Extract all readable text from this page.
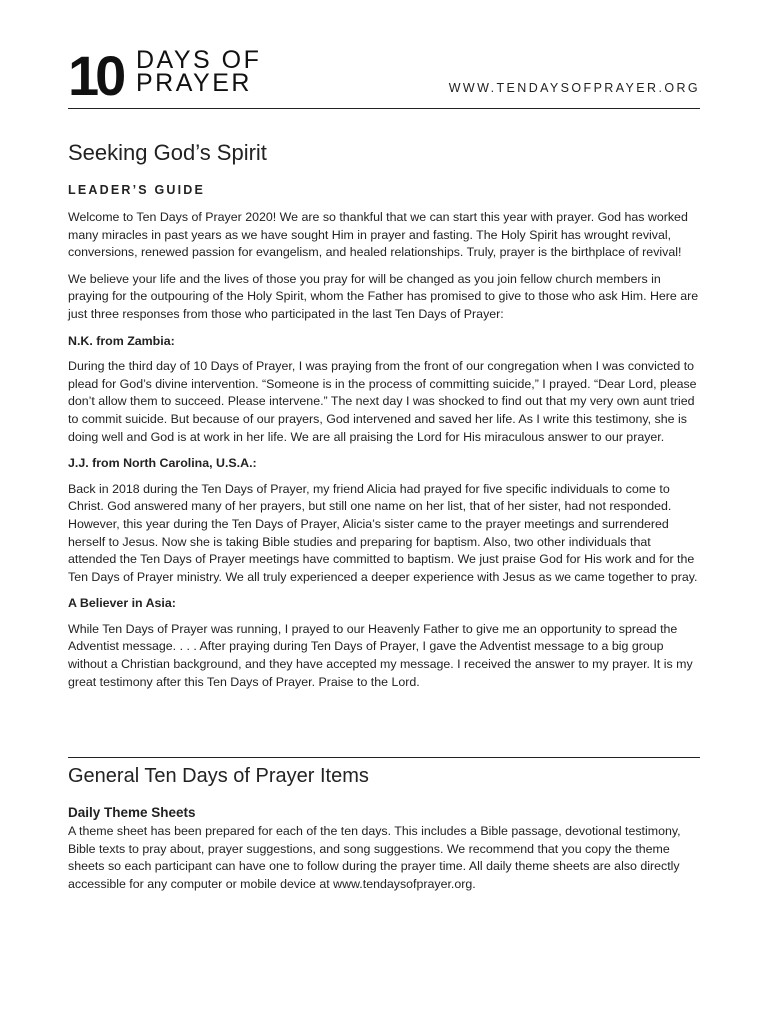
10 DAYS OF
PRAYER	WWW.TENDAYSOFPRAYER.ORG
Seeking God’s Spirit
LEADER’S GUIDE

Welcome to Ten Days of Prayer 2020! We are so thankful that we can start this year with prayer. God has worked many miracles in past years as we have sought Him in prayer and fasting. The Holy Spirit has wrought revival, conversions, renewed passion for evangelism, and healed relationships. Truly, prayer is the birthplace of revival!

We believe your life and the lives of those you pray for will be changed as you join fellow church members in praying for the outpouring of the Holy Spirit, whom the Father has promised to give to those who ask Him. Here are just three responses from those who participated in the last Ten Days of Prayer:

N.K. from Zambia:

During the third day of 10 Days of Prayer, I was praying from the front of our congregation when I was convicted to plead for God’s divine intervention. “Someone is in the process of committing suicide,” I prayed. “Dear Lord, please don’t allow them to succeed. Please intervene.” The next day I was shocked to find out that my very own aunt tried to commit suicide. But because of our prayers, God intervened and saved her life. As I write this testimony, she is doing well and God is at work in her life. We are all praising the Lord for His miraculous answer to our prayer.

J.J. from North Carolina, U.S.A.:

Back in 2018 during the Ten Days of Prayer, my friend Alicia had prayed for five specific individuals to come to Christ. God answered many of her prayers, but still one name on her list, that of her sister, had not responded. However, this year during the Ten Days of Prayer, Alicia’s sister came to the prayer meetings and surrendered herself to Jesus. Now she is taking Bible studies and preparing for baptism. Also, two other individuals that attended the Ten Days of Prayer meetings have committed to baptism. We just praise God for His work and for the Ten Days of Prayer ministry. We all truly experienced a deeper experience with Jesus as we came together to pray.

A Believer in Asia:

While Ten Days of Prayer was running, I prayed to our Heavenly Father to give me an opportunity to spread the Adventist message. . . . After praying during Ten Days of Prayer, I gave the Adventist message to a big group without a Christian background, and they have accepted my message. I received the answer to my prayer. It is my great testimony after this Ten Days of Prayer. Praise to the Lord.

General Ten Days of Prayer Items
Daily Theme Sheets

A theme sheet has been prepared for each of the ten days. This includes a Bible passage, devotional testimony, Bible texts to pray about, prayer suggestions, and song suggestions. We recommend that you copy the theme sheets so each participant can have one to follow during the prayer time. All daily theme sheets are also directly accessible for any computer or mobile device at www.tendaysofprayer.org.
